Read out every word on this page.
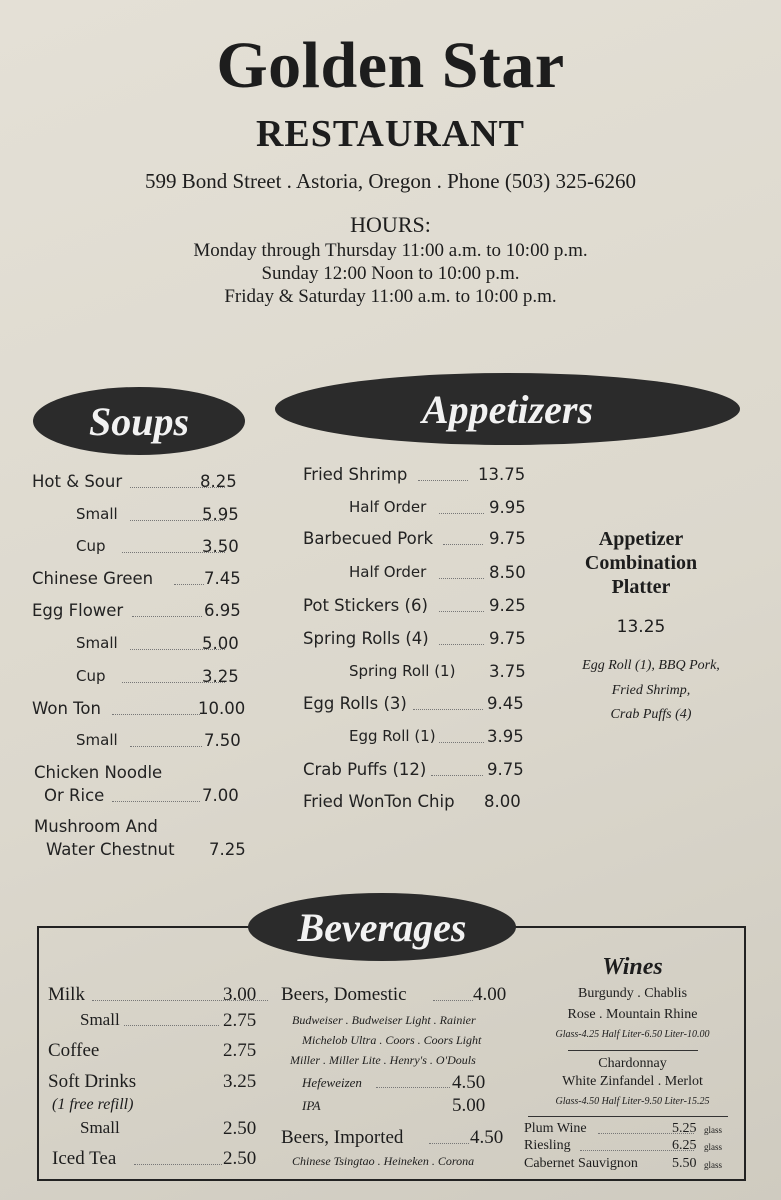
Golden Star
RESTAURANT
599 Bond Street . Astoria, Oregon . Phone (503) 325-6260
HOURS:
Monday through Thursday 11:00 a.m. to 10:00 p.m.
Sunday 12:00 Noon to 10:00 p.m.
Friday & Saturday 11:00 a.m. to 10:00 p.m.
Soups	Appetizers
Hot & Sour	8.25
Small	5.95
Cup	3.50
Chinese Green	7.45
Egg Flower	6.95
Small	5.00
Cup	3.25
Won Ton	10.00
Small	7.50
Chicken Noodle
Or Rice	7.00
Mushroom And
Water Chestnut 7.25
Fried Shrimp	13.75
Half Order	9.95
Barbecued Pork	9.75
Half Order	8.50
Pot Stickers (6)	9.25
Spring Rolls (4)	9.75
Spring Roll (1) 3.75
Egg Rolls (3)	9.45
Egg Roll (1)	3.95
Crab Puffs (12)	9.75
Fried WonTon Chip 8.00
Appetizer
Combination
Platter
13.25
Egg Roll (1), BBQ Pork,
Fried Shrimp,
Crab Puffs (4)
Beverages
Milk	3.00
Small	2.75
Coffee	2.75
Soft Drinks	3.25
(1 free refill)
Small	2.50
Iced Tea	2.50
Beers, Domestic	4.00
Budweiser . Budweiser Light . Rainier
Michelob Ultra . Coors . Coors Light
Miller . Miller Lite . Henry's . O'Douls
Hefeweizen	4.50
IPA	5.00
Beers, Imported	4.50
Chinese Tsingtao . Heineken . Corona
Wines
Burgundy . Chablis
Rose . Mountain Rhine
Glass-4.25 Half Liter-6.50 Liter-10.00
Chardonnay
White Zinfandel . Merlot
Glass-4.50 Half Liter-9.50 Liter-15.25
Plum Wine	5.25 glass
Riesling	6.25 glass
Cabernet Sauvignon 5.50 glass
